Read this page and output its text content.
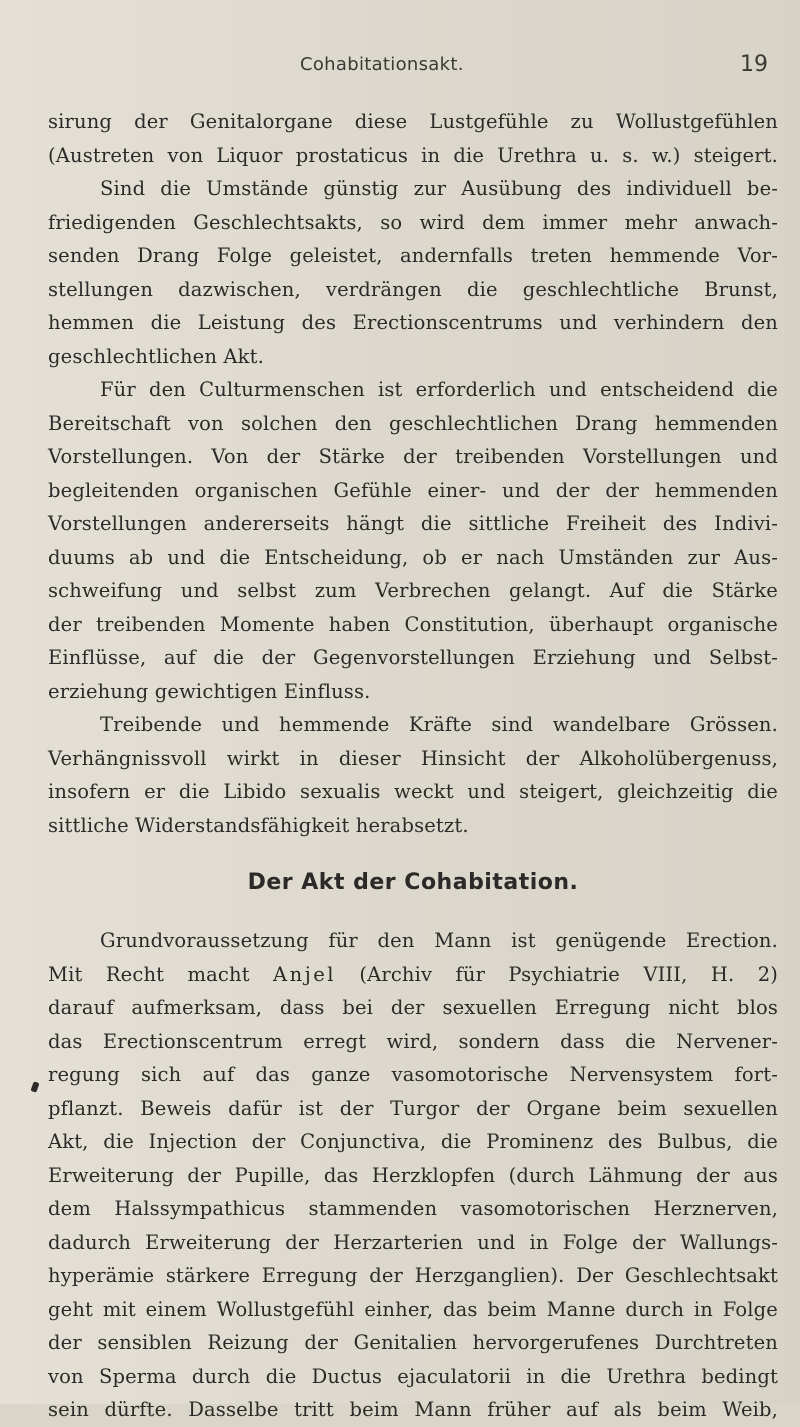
Cohabitationsakt.	19
sirung der Genitalorgane diese Lustgefühle zu Wollustgefühlen
(Austreten von Liquor prostaticus in die Urethra u. s. w.) steigert.
Sind die Umstände günstig zur Ausübung des individuell be-
friedigenden Geschlechtsakts, so wird dem immer mehr anwach-
senden Drang Folge geleistet, andernfalls treten hemmende Vor-
stellungen dazwischen, verdrängen die geschlechtliche Brunst,
hemmen die Leistung des Erectionscentrums und verhindern den
geschlechtlichen Akt.
Für den Culturmenschen ist erforderlich und entscheidend die
Bereitschaft von solchen den geschlechtlichen Drang hemmenden
Vorstellungen. Von der Stärke der treibenden Vorstellungen und
begleitenden organischen Gefühle einer- und der der hemmenden
Vorstellungen andererseits hängt die sittliche Freiheit des Indivi-
duums ab und die Entscheidung, ob er nach Umständen zur Aus-
schweifung und selbst zum Verbrechen gelangt. Auf die Stärke
der treibenden Momente haben Constitution, überhaupt organische
Einflüsse, auf die der Gegenvorstellungen Erziehung und Selbst-
erziehung gewichtigen Einfluss.
Treibende und hemmende Kräfte sind wandelbare Grössen.
Verhängnissvoll wirkt in dieser Hinsicht der Alkoholübergenuss,
insofern er die Libido sexualis weckt und steigert, gleichzeitig die
sittliche Widerstandsfähigkeit herabsetzt.
Der Akt der Cohabitation.
Grundvoraussetzung für den Mann ist genügende Erection.
Mit Recht macht Anjel (Archiv für Psychiatrie VIII, H. 2)
darauf aufmerksam, dass bei der sexuellen Erregung nicht blos
das Erectionscentrum erregt wird, sondern dass die Nervener-
regung sich auf das ganze vasomotorische Nervensystem fort-
pflanzt. Beweis dafür ist der Turgor der Organe beim sexuellen
Akt, die Injection der Conjunctiva, die Prominenz des Bulbus, die
Erweiterung der Pupille, das Herzklopfen (durch Lähmung der aus
dem Halssympathicus stammenden vasomotorischen Herznerven,
dadurch Erweiterung der Herzarterien und in Folge der Wallungs-
hyperämie stärkere Erregung der Herzganglien). Der Geschlechtsakt
geht mit einem Wollustgefühl einher, das beim Manne durch in Folge
der sensiblen Reizung der Genitalien hervorgerufenes Durchtreten
von Sperma durch die Ductus ejaculatorii in die Urethra bedingt
sein dürfte. Dasselbe tritt beim Mann früher auf als beim Weib,
